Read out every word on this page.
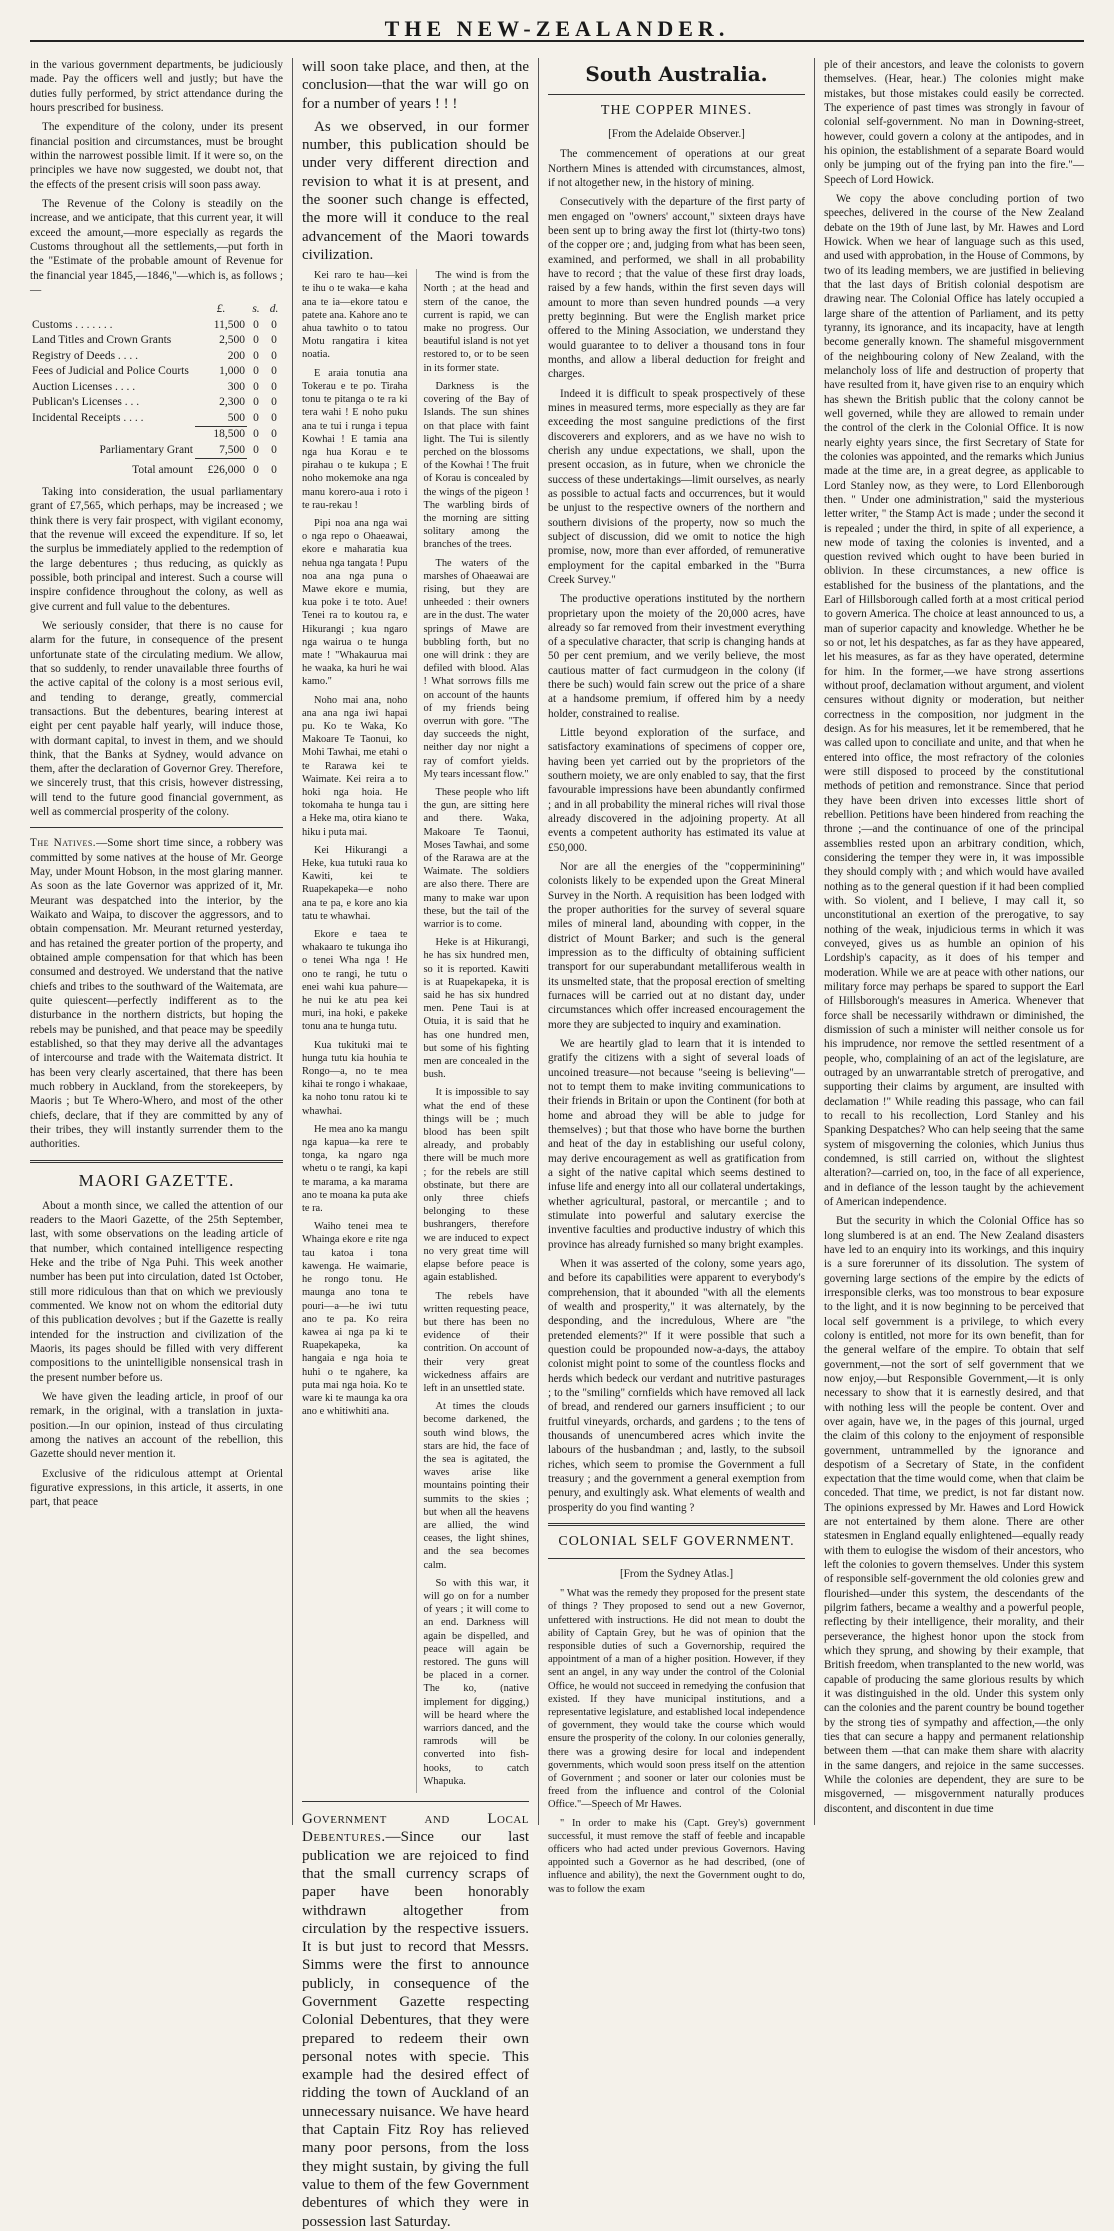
THE NEW-ZEALANDER.

in the various government departments, be judiciously made. Pay the officers well and justly; but have the duties fully performed, by strict attendance during the hours prescribed for business.

The expenditure of the colony, under its present financial position and circumstances, must be brought within the narrowest possible limit. If it were so, on the principles we have now suggested, we doubt not, that the effects of the present crisis will soon pass away.

The Revenue of the Colony is steadily on the increase, and we anticipate, that this current year, it will exceed the amount,—more especially as regards the Customs throughout all the settlements,—put forth in the "Estimate of the probable amount of Revenue for the financial year 1845,—1846,"—which is, as follows ;—

	£.	s.	d.
Customs . . . . . . .	11,500	0	0
Land Titles and Crown Grants	2,500	0	0
Registry of Deeds . . . .	200	0	0
Fees of Judicial and Police Courts	1,000	0	0
Auction Licenses . . . .	300	0	0
Publican's Licenses . . .	2,300	0	0
Incidental Receipts . . . .	500	0	0
	18,500	0	0
Parliamentary Grant	7,500	0	0
Total amount	£26,000	0	0

Taking into consideration, the usual parliamentary grant of £7,565, which perhaps, may be increased ; we think there is very fair prospect, with vigilant economy, that the revenue will exceed the expenditure. If so, let the surplus be immediately applied to the redemption of the large debentures ; thus reducing, as quickly as possible, both principal and interest. Such a course will inspire confidence throughout the colony, as well as give current and full value to the debentures.

We seriously consider, that there is no cause for alarm for the future, in consequence of the present unfortunate state of the circulating medium. We allow, that so suddenly, to render unavailable three fourths of the active capital of the colony is a most serious evil, and tending to derange, greatly, commercial transactions. But the debentures, bearing interest at eight per cent payable half yearly, will induce those, with dormant capital, to invest in them, and we should think, that the Banks at Sydney, would advance on them, after the declaration of Governor Grey. Therefore, we sincerely trust, that this crisis, however distressing, will tend to the future good financial government, as well as commercial prosperity of the colony.

The Natives.—Some short time since, a robbery was committed by some natives at the house of Mr. George May, under Mount Hobson, in the most glaring manner. As soon as the late Governor was apprized of it, Mr. Meurant was despatched into the interior, by the Waikato and Waipa, to discover the aggressors, and to obtain compensation. Mr. Meurant returned yesterday, and has retained the greater portion of the property, and obtained ample compensation for that which has been consumed and destroyed. We understand that the native chiefs and tribes to the southward of the Waitemata, are quite quiescent—perfectly indifferent as to the disturbance in the northern districts, but hoping the rebels may be punished, and that peace may be speedily established, so that they may derive all the advantages of intercourse and trade with the Waitemata district. It has been very clearly ascertained, that there has been much robbery in Auckland, from the storekeepers, by Maoris ; but Te Whero-Whero, and most of the other chiefs, declare, that if they are committed by any of their tribes, they will instantly surrender them to the authorities.

MAORI GAZETTE.

About a month since, we called the attention of our readers to the Maori Gazette, of the 25th September, last, with some observations on the leading article of that number, which contained intelligence respecting Heke and the tribe of Nga Puhi. This week another number has been put into circulation, dated 1st October, still more ridiculous than that on which we previously commented. We know not on whom the editorial duty of this publication devolves ; but if the Gazette is really intended for the instruction and civilization of the Maoris, its pages should be filled with very different compositions to the unintelligible nonsensical trash in the present number before us.

We have given the leading article, in proof of our remark, in the original, with a translation in juxta-position.—In our opinion, instead of thus circulating among the natives an account of the rebellion, this Gazette should never mention it.

Exclusive of the ridiculous attempt at Oriental figurative expressions, in this article, it asserts, in one part, that peace

will soon take place, and then, at the conclusion—that the war will go on for a number of years ! ! !

As we observed, in our former number, this publication should be under very different direction and revision to what it is at present, and the sooner such change is effected, the more will it conduce to the real advancement of the Maori towards civilization.

Kei raro te hau—kei te ihu o te waka—e kaha ana te ia—ekore tatou e patete ana. Kahore ano te ahua tawhito o to tatou Motu rangatira i kitea noatia.

E araia tonutia ana Tokerau e te po. Tiraha tonu te pitanga o te ra ki tera wahi ! E noho puku ana te tui i runga i tepua Kowhai ! E tamia ana nga hua Korau e te pirahau o te kukupa ; E noho mokemoke ana nga manu korero-aua i roto i te rau-rekau !

Pipi noa ana nga wai o nga repo o Ohaeawai, ekore e maharatia kua nehua nga tangata ! Pupu noa ana nga puna o Mawe ekore e mumia, kua poke i te toto. Aue! Tenei ra to koutou ra, e Hikurangi ; kua ngaro nga wairua o te hunga mate ! "Whakaurua mai he waaka, ka huri he wai kamo."

Noho mai ana, noho ana ana nga iwi hapai pu. Ko te Waka, Ko Makoare Te Taonui, ko Mohi Tawhai, me etahi o te Rarawa kei te Waimate. Kei reira a to hoki nga hoia. He tokomaha te hunga tau i a Heke ma, otira kiano te hiku i puta mai.

Kei Hikurangi a Heke, kua tutuki raua ko Kawiti, kei te Ruapekapeka—e noho ana te pa, e kore ano kia tatu te whawhai.

Ekore e taea te whakaaro te tukunga iho o tenei Wha nga ! He ono te rangi, he tutu o enei wahi kua pahure—he nui ke atu pea kei muri, ina hoki, e pakeke tonu ana te hunga tutu.

Kua tukituki mai te hunga tutu kia houhia te Rongo—a, no te mea kihai te rongo i whakaae, ka noho tonu ratou ki te whawhai.

He mea ano ka mangu nga kapua—ka rere te tonga, ka ngaro nga whetu o te rangi, ka kapi te marama, a ka marama ano te moana ka puta ake te ra.

Waiho tenei mea te Whainga ekore e rite nga tau katoa i tona kawenga. He waimarie, he rongo tonu. He maunga ano tona te pouri—a—he iwi tutu ano te pa. Ko reira kawea ai nga pa ki te Ruapekapeka, ka hangaia e nga hoia te huhi o te ngahere, ka puta mai nga hoia. Ko te ware ki te maunga ka ora ano e whitiwhiti ana.

The wind is from the North ; at the head and stern of the canoe, the current is rapid, we can make no progress. Our beautiful island is not yet restored to, or to be seen in its former state.

Darkness is the covering of the Bay of Islands. The sun shines on that place with faint light. The Tui is silently perched on the blossoms of the Kowhai ! The fruit of Korau is concealed by the wings of the pigeon ! The warbling birds of the morning are sitting solitary among the branches of the trees.

The waters of the marshes of Ohaeawai are rising, but they are unheeded : their owners are in the dust. The water springs of Mawe are bubbling forth, but no one will drink : they are defiled with blood. Alas ! What sorrows fills me on account of the haunts of my friends being overrun with gore. "The day succeeds the night, neither day nor night a ray of comfort yields. My tears incessant flow."

These people who lift the gun, are sitting here and there. Waka, Makoare Te Taonui, Moses Tawhai, and some of the Rarawa are at the Waimate. The soldiers are also there. There are many to make war upon these, but the tail of the warrior is to come.

Heke is at Hikurangi, he has six hundred men, so it is reported. Kawiti is at Ruapekapeka, it is said he has six hundred men. Pene Taui is at Otuia, it is said that he has one hundred men, but some of his fighting men are concealed in the bush.

It is impossible to say what the end of these things will be ; much blood has been spilt already, and probably there will be much more ; for the rebels are still obstinate, but there are only three chiefs belonging to these bushrangers, therefore we are induced to expect no very great time will elapse before peace is again established.

The rebels have written requesting peace, but there has been no evidence of their contrition. On account of their very great wickedness affairs are left in an unsettled state.

At times the clouds become darkened, the south wind blows, the stars are hid, the face of the sea is agitated, the waves arise like mountains pointing their summits to the skies ; but when all the heavens are allied, the wind ceases, the light shines, and the sea becomes calm.

So with this war, it will go on for a number of years ; it will come to an end. Darkness will again be dispelled, and peace will again be restored. The guns will be placed in a corner. The ko, (native implement for digging,) will be heard where the warriors danced, and the ramrods will be converted into fish-hooks, to catch Whapuka.

Government and Local Debentures.—Since our last publication we are rejoiced to find that the small currency scraps of paper have been honorably withdrawn altogether from circulation by the respective issuers. It is but just to record that Messrs. Simms were the first to announce publicly, in consequence of the Government Gazette respecting Colonial Debentures, that they were prepared to redeem their own personal notes with specie. This example had the desired effect of ridding the town of Auckland of an unnecessary nuisance. We have heard that Captain Fitz Roy has relieved many poor persons, from the loss they might sustain, by giving the full value to them of the few Government debentures of which they were in possession last Saturday.

South Australia.
THE COPPER MINES.

[From the Adelaide Observer.]

The commencement of operations at our great Northern Mines is attended with circumstances, almost, if not altogether new, in the history of mining.

Consecutively with the departure of the first party of men engaged on "owners' account," sixteen drays have been sent up to bring away the first lot (thirty-two tons) of the copper ore ; and, judging from what has been seen, examined, and performed, we shall in all probability have to record ; that the value of these first dray loads, raised by a few hands, within the first seven days will amount to more than seven hundred pounds —a very pretty beginning. But were the English market price offered to the Mining Association, we understand they would guarantee to to deliver a thousand tons in four months, and allow a liberal deduction for freight and charges.

Indeed it is difficult to speak prospectively of these mines in measured terms, more especially as they are far exceeding the most sanguine predictions of the first discoverers and explorers, and as we have no wish to cherish any undue expectations, we shall, upon the present occasion, as in future, when we chronicle the success of these undertakings—limit ourselves, as nearly as possible to actual facts and occurrences, but it would be unjust to the respective owners of the northern and southern divisions of the property, now so much the subject of discussion, did we omit to notice the high promise, now, more than ever afforded, of remunerative employment for the capital embarked in the "Burra Creek Survey."

The productive operations instituted by the northern proprietary upon the moiety of the 20,000 acres, have already so far removed from their investment everything of a speculative character, that scrip is changing hands at 50 per cent premium, and we verily believe, the most cautious matter of fact curmudgeon in the colony (if there be such) would fain screw out the price of a share at a handsome premium, if offered him by a needy holder, constrained to realise.

Little beyond exploration of the surface, and satisfactory examinations of specimens of copper ore, having been yet carried out by the proprietors of the southern moiety, we are only enabled to say, that the first favourable impressions have been abundantly confirmed ; and in all probability the mineral riches will rival those already discovered in the adjoining property. At all events a competent authority has estimated its value at £50,000.

Nor are all the energies of the "copperminining" colonists likely to be expended upon the Great Mineral Survey in the North. A requisition has been lodged with the proper authorities for the survey of several square miles of mineral land, abounding with copper, in the district of Mount Barker; and such is the general impression as to the difficulty of obtaining sufficient transport for our superabundant metalliferous wealth in its unsmelted state, that the proposal erection of smelting furnaces will be carried out at no distant day, under circumstances which offer increased encouragement the more they are subjected to inquiry and examination.

We are heartily glad to learn that it is intended to gratify the citizens with a sight of several loads of uncoined treasure—not because "seeing is believing"—not to tempt them to make inviting communications to their friends in Britain or upon the Continent (for both at home and abroad they will be able to judge for themselves) ; but that those who have borne the burthen and heat of the day in establishing our useful colony, may derive encouragement as well as gratification from a sight of the native capital which seems destined to infuse life and energy into all our collateral undertakings, whether agricultural, pastoral, or mercantile ; and to stimulate into powerful and salutary exercise the inventive faculties and productive industry of which this province has already furnished so many bright examples.

When it was asserted of the colony, some years ago, and before its capabilities were apparent to everybody's comprehension, that it abounded "with all the elements of wealth and prosperity," it was alternately, by the desponding, and the incredulous, Where are "the pretended elements?" If it were possible that such a question could be propounded now-a-days, the attaboy colonist might point to some of the countless flocks and herds which bedeck our verdant and nutritive pasturages ; to the "smiling" cornfields which have removed all lack of bread, and rendered our garners insufficient ; to our fruitful vineyards, orchards, and gardens ; to the tens of thousands of unencumbered acres which invite the labours of the husbandman ; and, lastly, to the subsoil riches, which seem to promise the Government a full treasury ; and the government a general exemption from penury, and exultingly ask. What elements of wealth and prosperity do you find wanting ?

COLONIAL SELF GOVERNMENT.

[From the Sydney Atlas.]

" What was the remedy they proposed for the present state of things ? They proposed to send out a new Governor, unfettered with instructions. He did not mean to doubt the ability of Captain Grey, but he was of opinion that the responsible duties of such a Governorship, required the appointment of a man of a higher position. However, if they sent an angel, in any way under the control of the Colonial Office, he would not succeed in remedying the confusion that existed. If they have municipal institutions, and a representative legislature, and established local independence of government, they would take the course which would ensure the prosperity of the colony. In our colonies generally, there was a growing desire for local and independent governments, which would soon press itself on the attention of Government ; and sooner or later our colonies must be freed from the influence and control of the Colonial Office."—Speech of Mr Hawes.

" In order to make his (Capt. Grey's) government successful, it must remove the staff of feeble and incapable officers who had acted under previous Governors. Having appointed such a Governor as he had described, (one of influence and ability), the next the Government ought to do, was to follow the exam

ple of their ancestors, and leave the colonists to govern themselves. (Hear, hear.) The colonies might make mistakes, but those mistakes could easily be corrected. The experience of past times was strongly in favour of colonial self-government. No man in Downing-street, however, could govern a colony at the antipodes, and in his opinion, the establishment of a separate Board would only be jumping out of the frying pan into the fire."—Speech of Lord Howick.

We copy the above concluding portion of two speeches, delivered in the course of the New Zealand debate on the 19th of June last, by Mr. Hawes and Lord Howick. When we hear of language such as this used, and used with approbation, in the House of Commons, by two of its leading members, we are justified in believing that the last days of British colonial despotism are drawing near. The Colonial Office has lately occupied a large share of the attention of Parliament, and its petty tyranny, its ignorance, and its incapacity, have at length become generally known. The shameful misgovernment of the neighbouring colony of New Zealand, with the melancholy loss of life and destruction of property that have resulted from it, have given rise to an enquiry which has shewn the British public that the colony cannot be well governed, while they are allowed to remain under the control of the clerk in the Colonial Office. It is now nearly eighty years since, the first Secretary of State for the colonies was appointed, and the remarks which Junius made at the time are, in a great degree, as applicable to Lord Stanley now, as they were, to Lord Ellenborough then. " Under one administration," said the mysterious letter writer, " the Stamp Act is made ; under the second it is repealed ; under the third, in spite of all experience, a new mode of taxing the colonies is invented, and a question revived which ought to have been buried in oblivion. In these circumstances, a new office is established for the business of the plantations, and the Earl of Hillsborough called forth at a most critical period to govern America. The choice at least announced to us, a man of superior capacity and knowledge. Whether he be so or not, let his despatches, as far as they have appeared, let his measures, as far as they have operated, determine for him. In the former,—we have strong assertions without proof, declamation without argument, and violent censures without dignity or moderation, but neither correctness in the composition, nor judgment in the design. As for his measures, let it be remembered, that he was called upon to conciliate and unite, and that when he entered into office, the most refractory of the colonies were still disposed to proceed by the constitutional methods of petition and remonstrance. Since that period they have been driven into excesses little short of rebellion. Petitions have been hindered from reaching the throne ;—and the continuance of one of the principal assemblies rested upon an arbitrary condition, which, considering the temper they were in, it was impossible they should comply with ; and which would have availed nothing as to the general question if it had been complied with. So violent, and I believe, I may call it, so unconstitutional an exertion of the prerogative, to say nothing of the weak, injudicious terms in which it was conveyed, gives us as humble an opinion of his Lordship's capacity, as it does of his temper and moderation. While we are at peace with other nations, our military force may perhaps be spared to support the Earl of Hillsborough's measures in America. Whenever that force shall be necessarily withdrawn or diminished, the dismission of such a minister will neither console us for his imprudence, nor remove the settled resentment of a people, who, complaining of an act of the legislature, are outraged by an unwarrantable stretch of prerogative, and supporting their claims by argument, are insulted with declamation !" While reading this passage, who can fail to recall to his recollection, Lord Stanley and his Spanking Despatches? Who can help seeing that the same system of misgoverning the colonies, which Junius thus condemned, is still carried on, without the slightest alteration?—carried on, too, in the face of all experience, and in defiance of the lesson taught by the achievement of American independence.

But the security in which the Colonial Office has so long slumbered is at an end. The New Zealand disasters have led to an enquiry into its workings, and this inquiry is a sure forerunner of its dissolution. The system of governing large sections of the empire by the edicts of irresponsible clerks, was too monstrous to bear exposure to the light, and it is now beginning to be perceived that local self government is a privilege, to which every colony is entitled, not more for its own benefit, than for the general welfare of the empire. To obtain that self government,—not the sort of self government that we now enjoy,—but Responsible Government,—it is only necessary to show that it is earnestly desired, and that with nothing less will the people be content. Over and over again, have we, in the pages of this journal, urged the claim of this colony to the enjoyment of responsible government, untrammelled by the ignorance and despotism of a Secretary of State, in the confident expectation that the time would come, when that claim be conceded. That time, we predict, is not far distant now. The opinions expressed by Mr. Hawes and Lord Howick are not entertained by them alone. There are other statesmen in England equally enlightened—equally ready with them to eulogise the wisdom of their ancestors, who left the colonies to govern themselves. Under this system of responsible self-government the old colonies grew and flourished—under this system, the descendants of the pilgrim fathers, became a wealthy and a powerful people, reflecting by their intelligence, their morality, and their perseverance, the highest honor upon the stock from which they sprung, and showing by their example, that British freedom, when transplanted to the new world, was capable of producing the same glorious results by which it was distinguished in the old. Under this system only can the colonies and the parent country be bound together by the strong ties of sympathy and affection,—the only ties that can secure a happy and permanent relationship between them —that can make them share with alacrity in the same dangers, and rejoice in the same successes. While the colonies are dependent, they are sure to be misgoverned, — misgovernment naturally produces discontent, and discontent in due time
